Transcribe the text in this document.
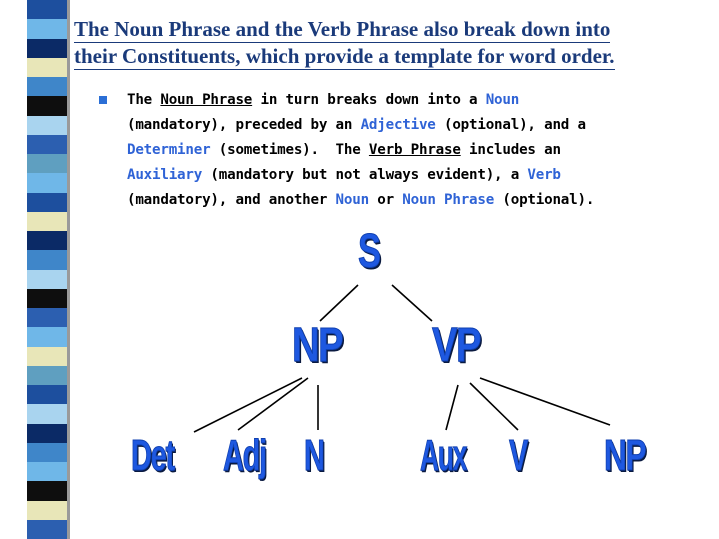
The Noun Phrase and the Verb Phrase also break down into
their Constituents, which provide a template for word order.
The Noun Phrase in turn breaks down into a Noun
(mandatory), preceded by an Adjective (optional), and a
Determiner (sometimes).  The Verb Phrase includes an
Auxiliary (mandatory but not always evident), a Verb
(mandatory), and another Noun or Noun Phrase (optional).
S
NP VP
Det Adj N Aux V NP
